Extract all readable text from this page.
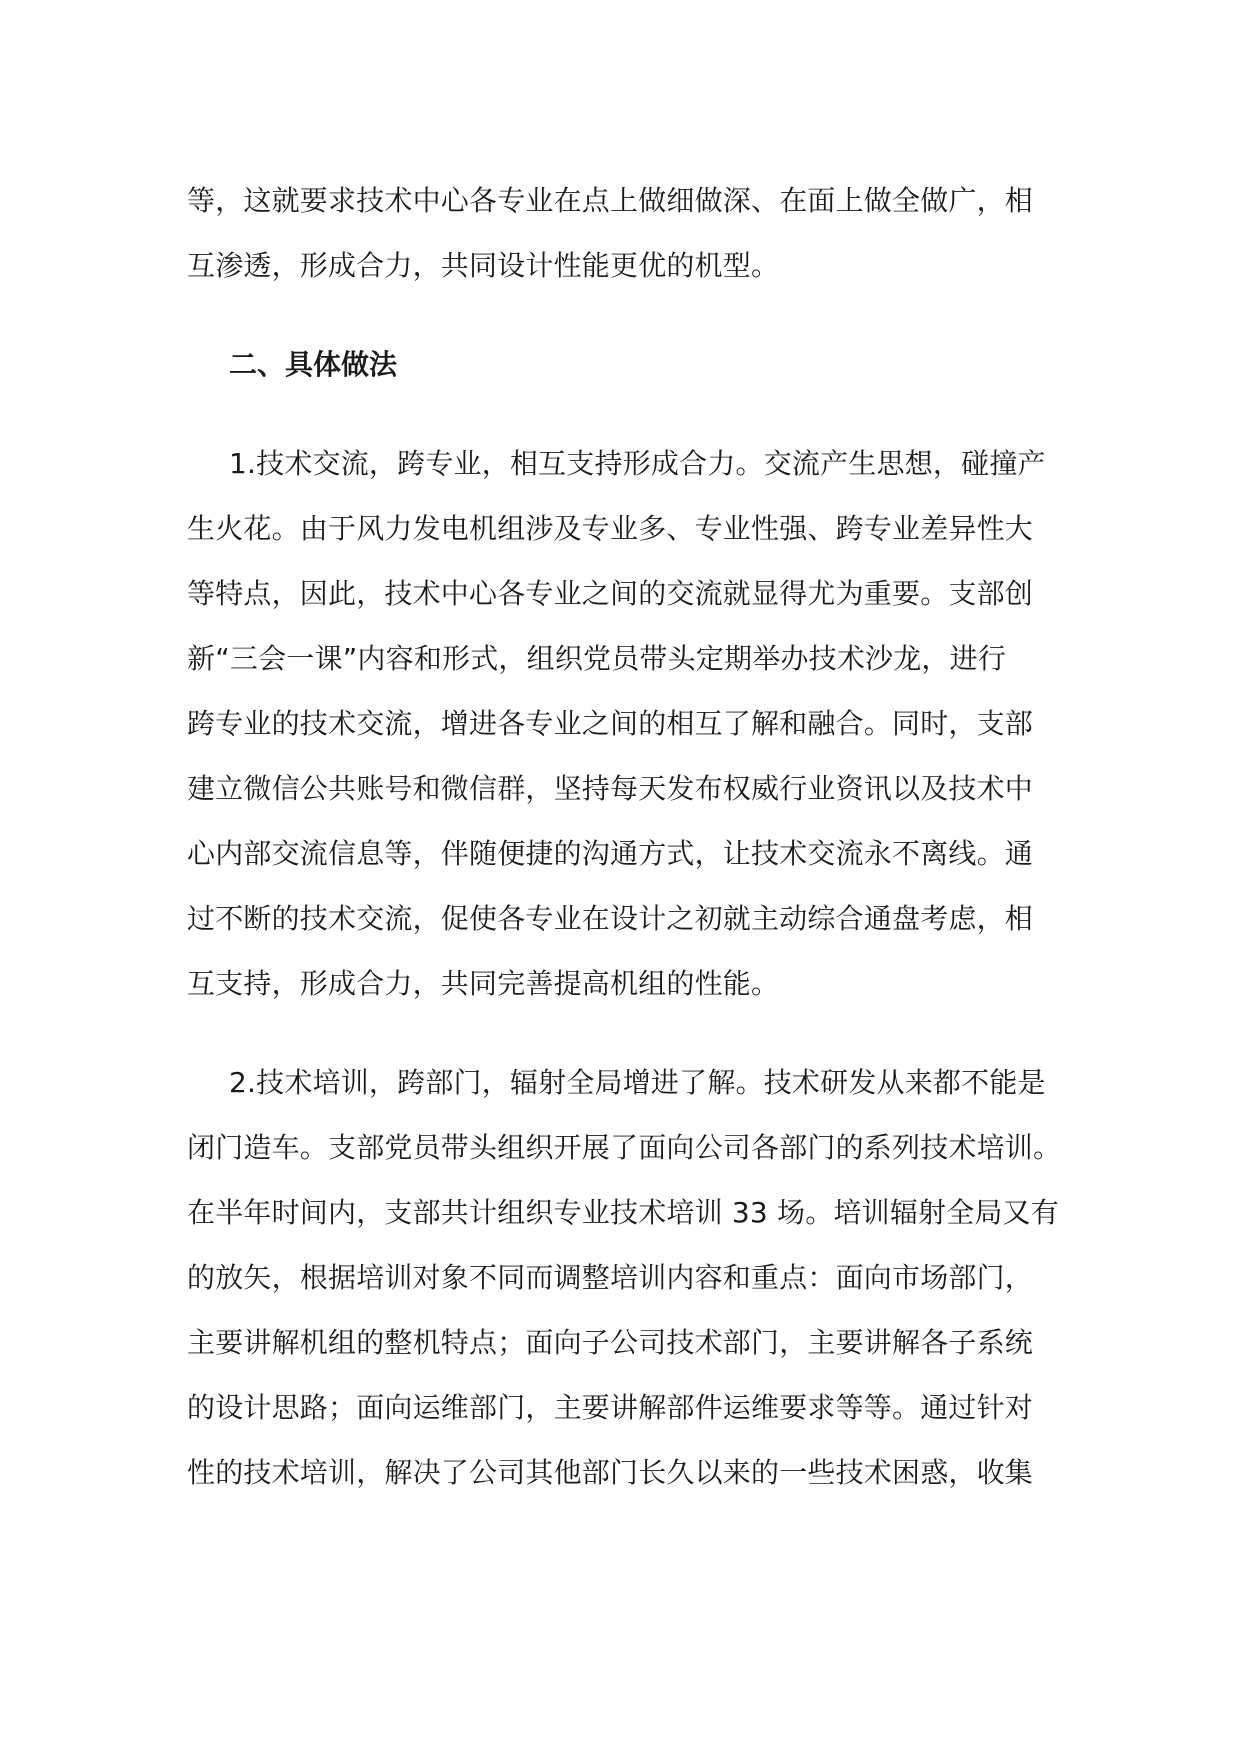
等，这就要求技术中心各专业在点上做细做深、在面上做全做广，相
互渗透，形成合力，共同设计性能更优的机型。
二、具体做法
1.技术交流，跨专业，相互支持形成合力。交流产生思想，碰撞产
生火花。由于风力发电机组涉及专业多、专业性强、跨专业差异性大
等特点，因此，技术中心各专业之间的交流就显得尤为重要。支部创
新“三会一课”内容和形式，组织党员带头定期举办技术沙龙，进行
跨专业的技术交流，增进各专业之间的相互了解和融合。同时，支部
建立微信公共账号和微信群，坚持每天发布权威行业资讯以及技术中
心内部交流信息等，伴随便捷的沟通方式，让技术交流永不离线。通
过不断的技术交流，促使各专业在设计之初就主动综合通盘考虑，相
互支持，形成合力，共同完善提高机组的性能。
2.技术培训，跨部门，辐射全局增进了解。技术研发从来都不能是
闭门造车。支部党员带头组织开展了面向公司各部门的系列技术培训。
在半年时间内，支部共计组织专业技术培训 33 场。培训辐射全局又有
的放矢，根据培训对象不同而调整培训内容和重点：面向市场部门，
主要讲解机组的整机特点；面向子公司技术部门，主要讲解各子系统
的设计思路；面向运维部门，主要讲解部件运维要求等等。通过针对
性的技术培训，解决了公司其他部门长久以来的一些技术困惑，收集
